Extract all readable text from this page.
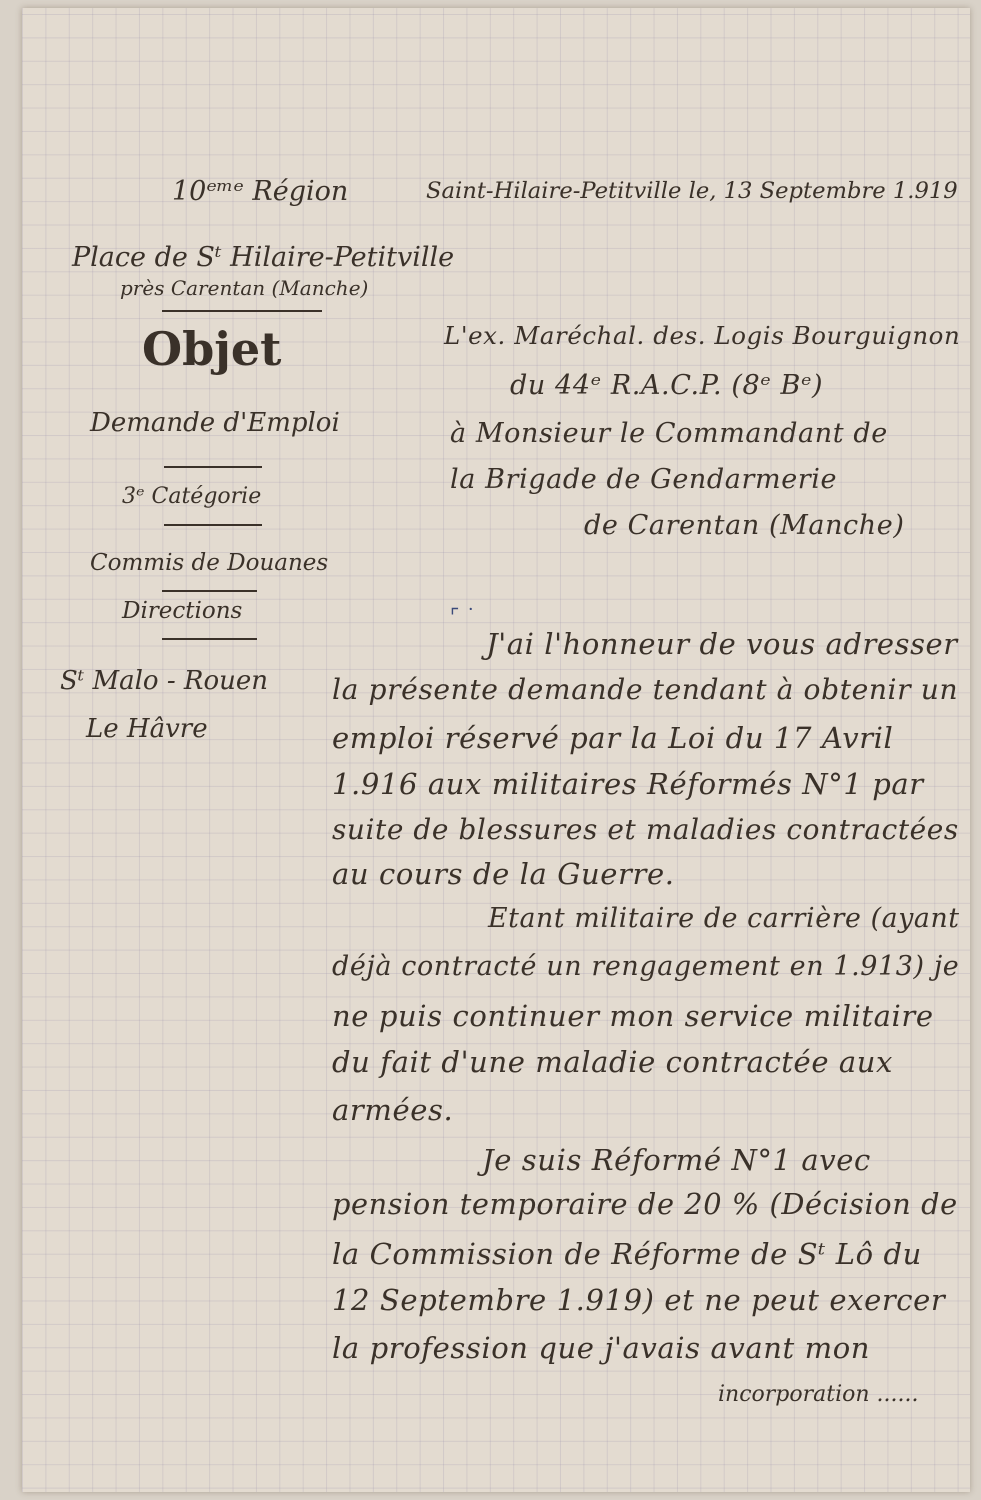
10ᵉᵐᵉ Région
Place de Sᵗ Hilaire-Petitville
près Carentan (Manche)
Objet
Demande d'Emploi
3ᵉ Catégorie
Commis de Douanes
Directions
Sᵗ Malo - Rouen
Le Hâvre
Saint-Hilaire-Petitville le, 13 Septembre 1.919
L'ex. Maréchal. des. Logis Bourguignon
du 44ᵉ R.A.C.P. (8ᵉ Bᵉ)
à Monsieur le Commandant de
la Brigade de Gendarmerie
de Carentan (Manche)
⌜ ˙
J'ai l'honneur de vous adresser
la présente demande tendant à obtenir un
emploi réservé par la Loi du 17 Avril
1.916 aux militaires Réformés N°1 par
suite de blessures et maladies contractées
au cours de la Guerre.
Etant militaire de carrière (ayant
déjà contracté un rengagement en 1.913) je
ne puis continuer mon service militaire
du fait d'une maladie contractée aux
armées.
Je suis Réformé N°1 avec
pension temporaire de 20 % (Décision de
la Commission de Réforme de Sᵗ Lô du
12 Septembre 1.919) et ne peut exercer
la profession que j'avais avant mon
incorporation ......
